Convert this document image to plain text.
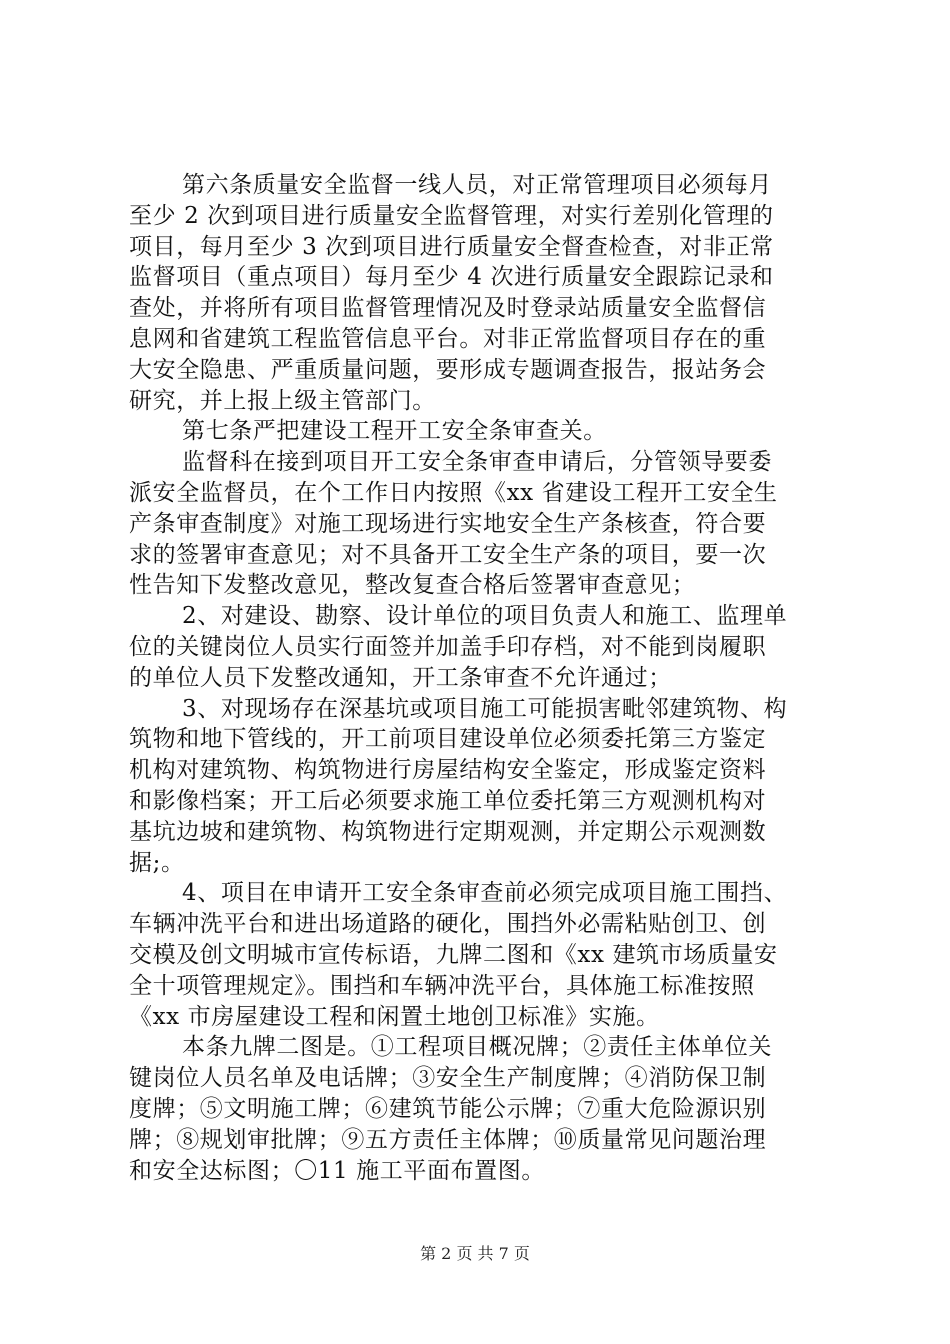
第六条质量安全监督一线人员，对正常管理项目必须每月
至少 2 次到项目进行质量安全监督管理，对实行差别化管理的
项目，每月至少 3 次到项目进行质量安全督查检查，对非正常
监督项目（重点项目）每月至少 4 次进行质量安全跟踪记录和
查处，并将所有项目监督管理情况及时登录站质量安全监督信
息网和省建筑工程监管信息平台。对非正常监督项目存在的重
大安全隐患、严重质量问题，要形成专题调查报告，报站务会
研究，并上报上级主管部门。
第七条严把建设工程开工安全条审查关。
监督科在接到项目开工安全条审查申请后，分管领导要委
派安全监督员，在个工作日内按照《xx 省建设工程开工安全生
产条审查制度》对施工现场进行实地安全生产条核查，符合要
求的签署审查意见；对不具备开工安全生产条的项目，要一次
性告知下发整改意见，整改复查合格后签署审查意见；
2、对建设、勘察、设计单位的项目负责人和施工、监理单
位的关键岗位人员实行面签并加盖手印存档，对不能到岗履职
的单位人员下发整改通知，开工条审查不允许通过；
3、对现场存在深基坑或项目施工可能损害毗邻建筑物、构
筑物和地下管线的，开工前项目建设单位必须委托第三方鉴定
机构对建筑物、构筑物进行房屋结构安全鉴定，形成鉴定资料
和影像档案；开工后必须要求施工单位委托第三方观测机构对
基坑边坡和建筑物、构筑物进行定期观测，并定期公示观测数
据;。
4、项目在申请开工安全条审查前必须完成项目施工围挡、
车辆冲洗平台和进出场道路的硬化，围挡外必需粘贴创卫、创
交模及创文明城市宣传标语，九牌二图和《xx 建筑市场质量安
全十项管理规定》。围挡和车辆冲洗平台，具体施工标准按照
《xx 市房屋建设工程和闲置土地创卫标准》实施。
本条九牌二图是。①工程项目概况牌；②责任主体单位关
键岗位人员名单及电话牌；③安全生产制度牌；④消防保卫制
度牌；⑤文明施工牌；⑥建筑节能公示牌；⑦重大危险源识别
牌；⑧规划审批牌；⑨五方责任主体牌；⑩质量常见问题治理
和安全达标图；〇11 施工平面布置图。
第 2 页 共 7 页
